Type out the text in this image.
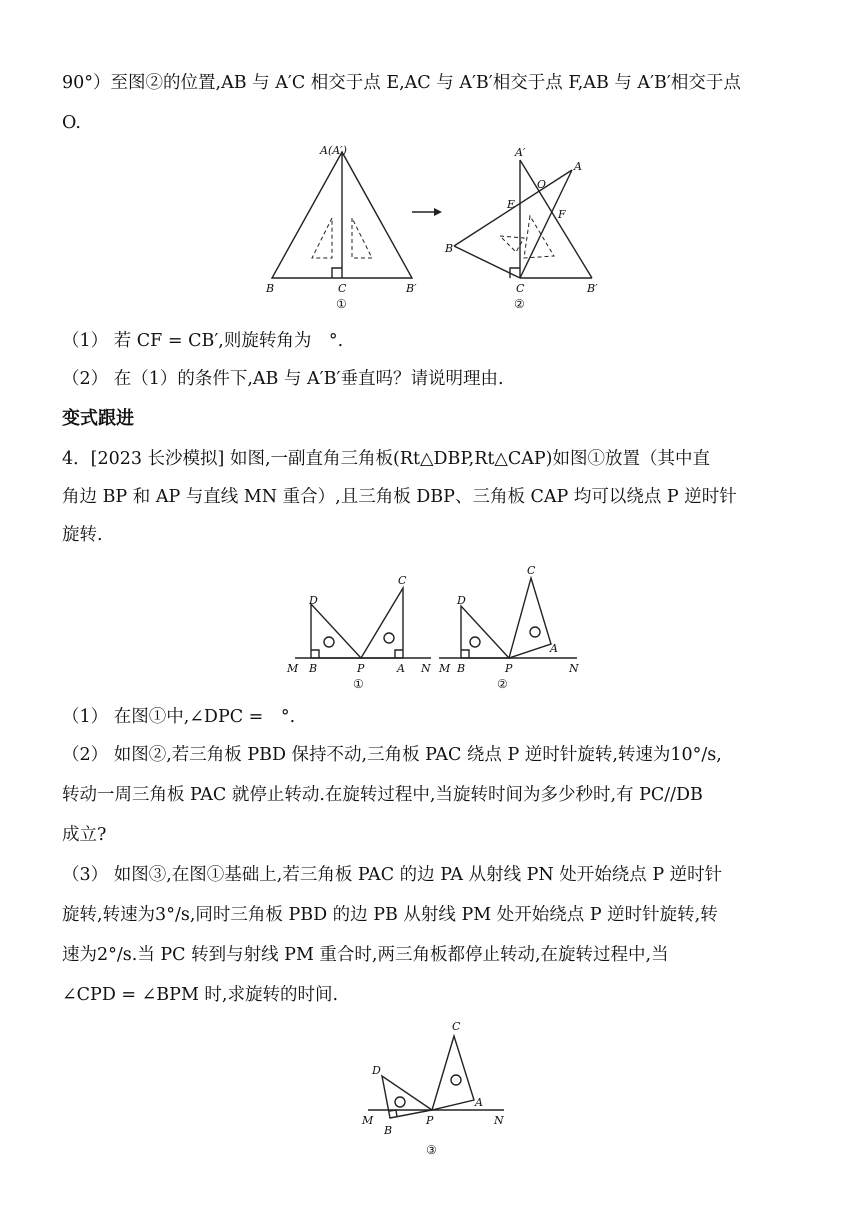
90°）至图②的位置,AB 与 A′C 相交于点 E,AC 与 A′B′相交于点 F,AB 与 A′B′相交于点
O.
A(A′)
B	C	B′
①
A′
A
O
E
F
B
C	B′
②
（1） 若 CF = CB′,则旋转角为　°.
（2） 在（1）的条件下,AB 与 A′B′垂直吗？请说明理由.
变式跟进
4．[2023 长沙模拟] 如图,一副直角三角板(Rt△DBP,Rt△CAP)如图①放置（其中直
角边 BP 和 AP 与直线 MN 重合）,且三角板 DBP、三角板 CAP 均可以绕点 P 逆时针
旋转.
D
C
M B	P	A N
①
D
C
A
M B	P	N
②
（1） 在图①中,∠DPC =　°.
（2） 如图②,若三角板 PBD 保持不动,三角板 PAC 绕点 P 逆时针旋转,转速为10°/s,
转动一周三角板 PAC 就停止转动.在旋转过程中,当旋转时间为多少秒时,有 PC//DB
成立?
（3） 如图③,在图①基础上,若三角板 PAC 的边 PA 从射线 PN 处开始绕点 P 逆时针
旋转,转速为3°/s,同时三角板 PBD 的边 PB 从射线 PM 处开始绕点 P 逆时针旋转,转
速为2°/s.当 PC 转到与射线 PM 重合时,两三角板都停止转动,在旋转过程中,当
∠CPD = ∠BPM 时,求旋转的时间.
D
C
A
M
B
P	N
③
